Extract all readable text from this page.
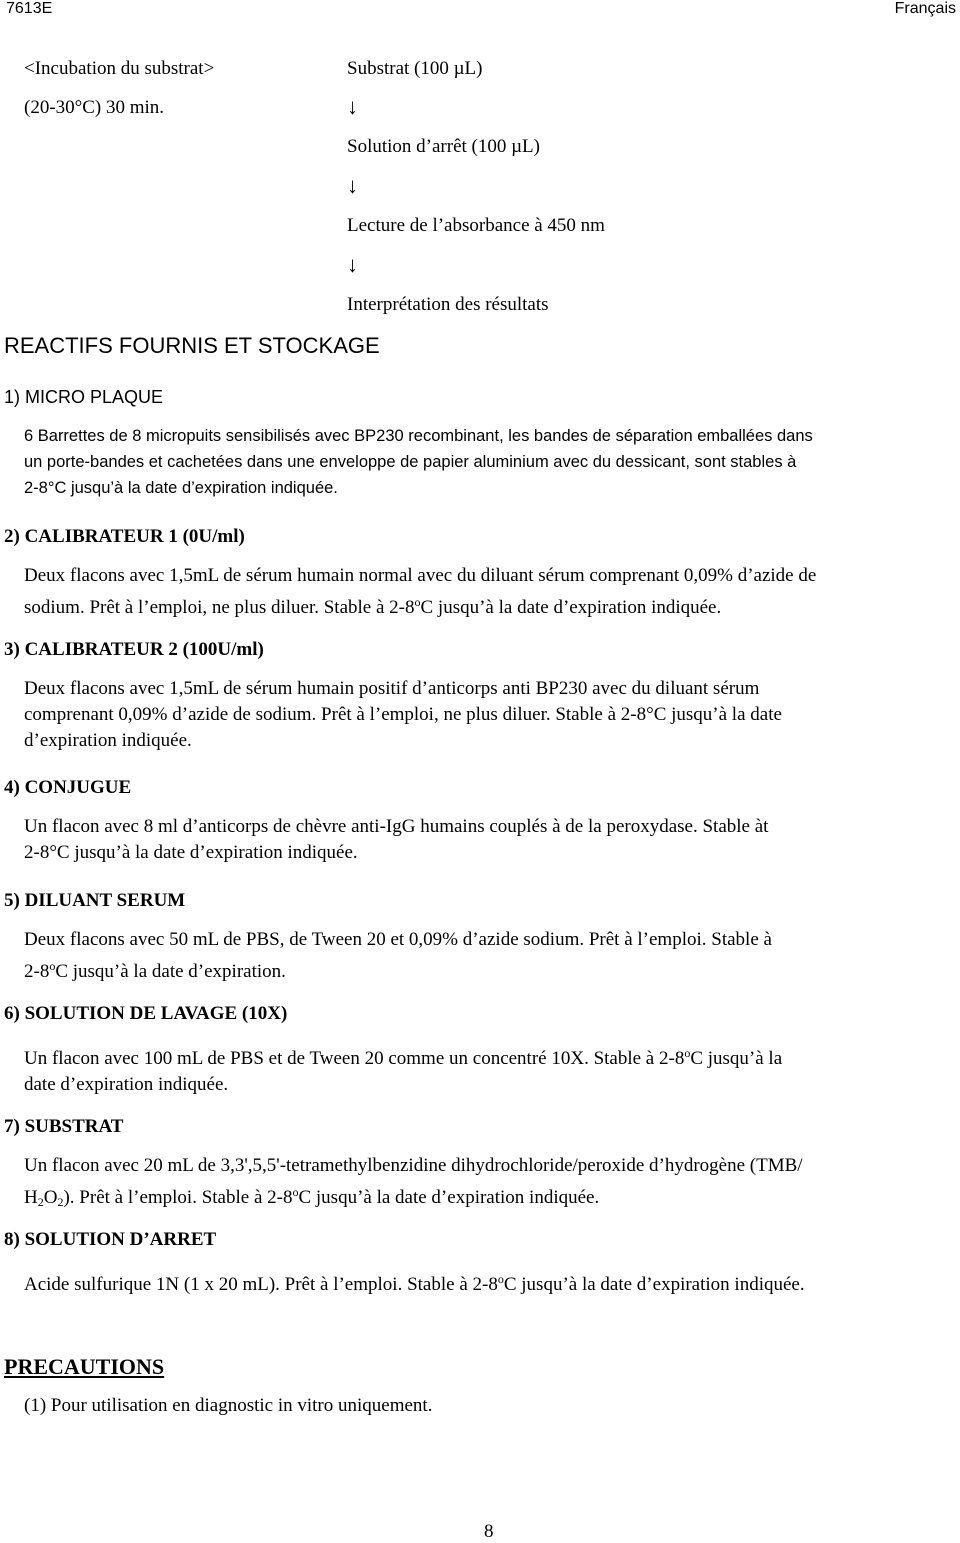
7613E	Français
<Incubation du substrat>
(20-30°C) 30 min.
Substrat (100 µL)
↓
Solution d’arrêt (100 µL)
↓
Lecture de l’absorbance à 450 nm
↓
Interprétation des résultats
REACTIFS FOURNIS ET STOCKAGE
1) MICRO PLAQUE
6 Barrettes de 8 micropuits sensibilisés avec BP230 recombinant, les bandes de séparation emballées dans
un porte-bandes et cachetées dans une enveloppe de papier aluminium avec du dessicant, sont stables à
2-8°C jusqu’à la date d’expiration indiquée.
2) CALIBRATEUR 1 (0U/ml)
Deux flacons avec 1,5mL de sérum humain normal avec du diluant sérum comprenant 0,09% d’azide de
sodium. Prêt à l’emploi, ne plus diluer. Stable à 2-8$^o$C jusqu’à la date d’expiration indiquée.
3) CALIBRATEUR 2 (100U/ml)
Deux flacons avec 1,5mL de sérum humain positif d’anticorps anti BP230 avec du diluant sérum
comprenant 0,09% d’azide de sodium. Prêt à l’emploi, ne plus diluer. Stable à 2-8°C jusqu’à la date
d’expiration indiquée.
4) CONJUGUE
Un flacon avec 8 ml d’anticorps de chèvre anti-IgG humains couplés à de la peroxydase. Stable àt
2-8°C jusqu’à la date d’expiration indiquée.
5) DILUANT SERUM
Deux flacons avec 50 mL de PBS, de Tween 20 et 0,09% d’azide sodium. Prêt à l’emploi. Stable à
2-8$^o$C jusqu’à la date d’expiration.
6) SOLUTION DE LAVAGE (10X)
Un flacon avec 100 mL de PBS et de Tween 20 comme un concentré 10X. Stable à 2-8$^o$C jusqu’à la
date d’expiration indiquée.
7) SUBSTRAT
Un flacon avec 20 mL de 3,3',5,5'-tetramethylbenzidine dihydrochloride/peroxide d’hydrogène (TMB/
$H_2O_2$). Prêt à l’emploi. Stable à 2-8$^o$C jusqu’à la date d’expiration indiquée.
8) SOLUTION D’ARRET
Acide sulfurique 1N (1 x 20 mL). Prêt à l’emploi. Stable à 2-8$^o$C jusqu’à la date d’expiration indiquée.
PRECAUTIONS
(1) Pour utilisation en diagnostic in vitro uniquement.
8
